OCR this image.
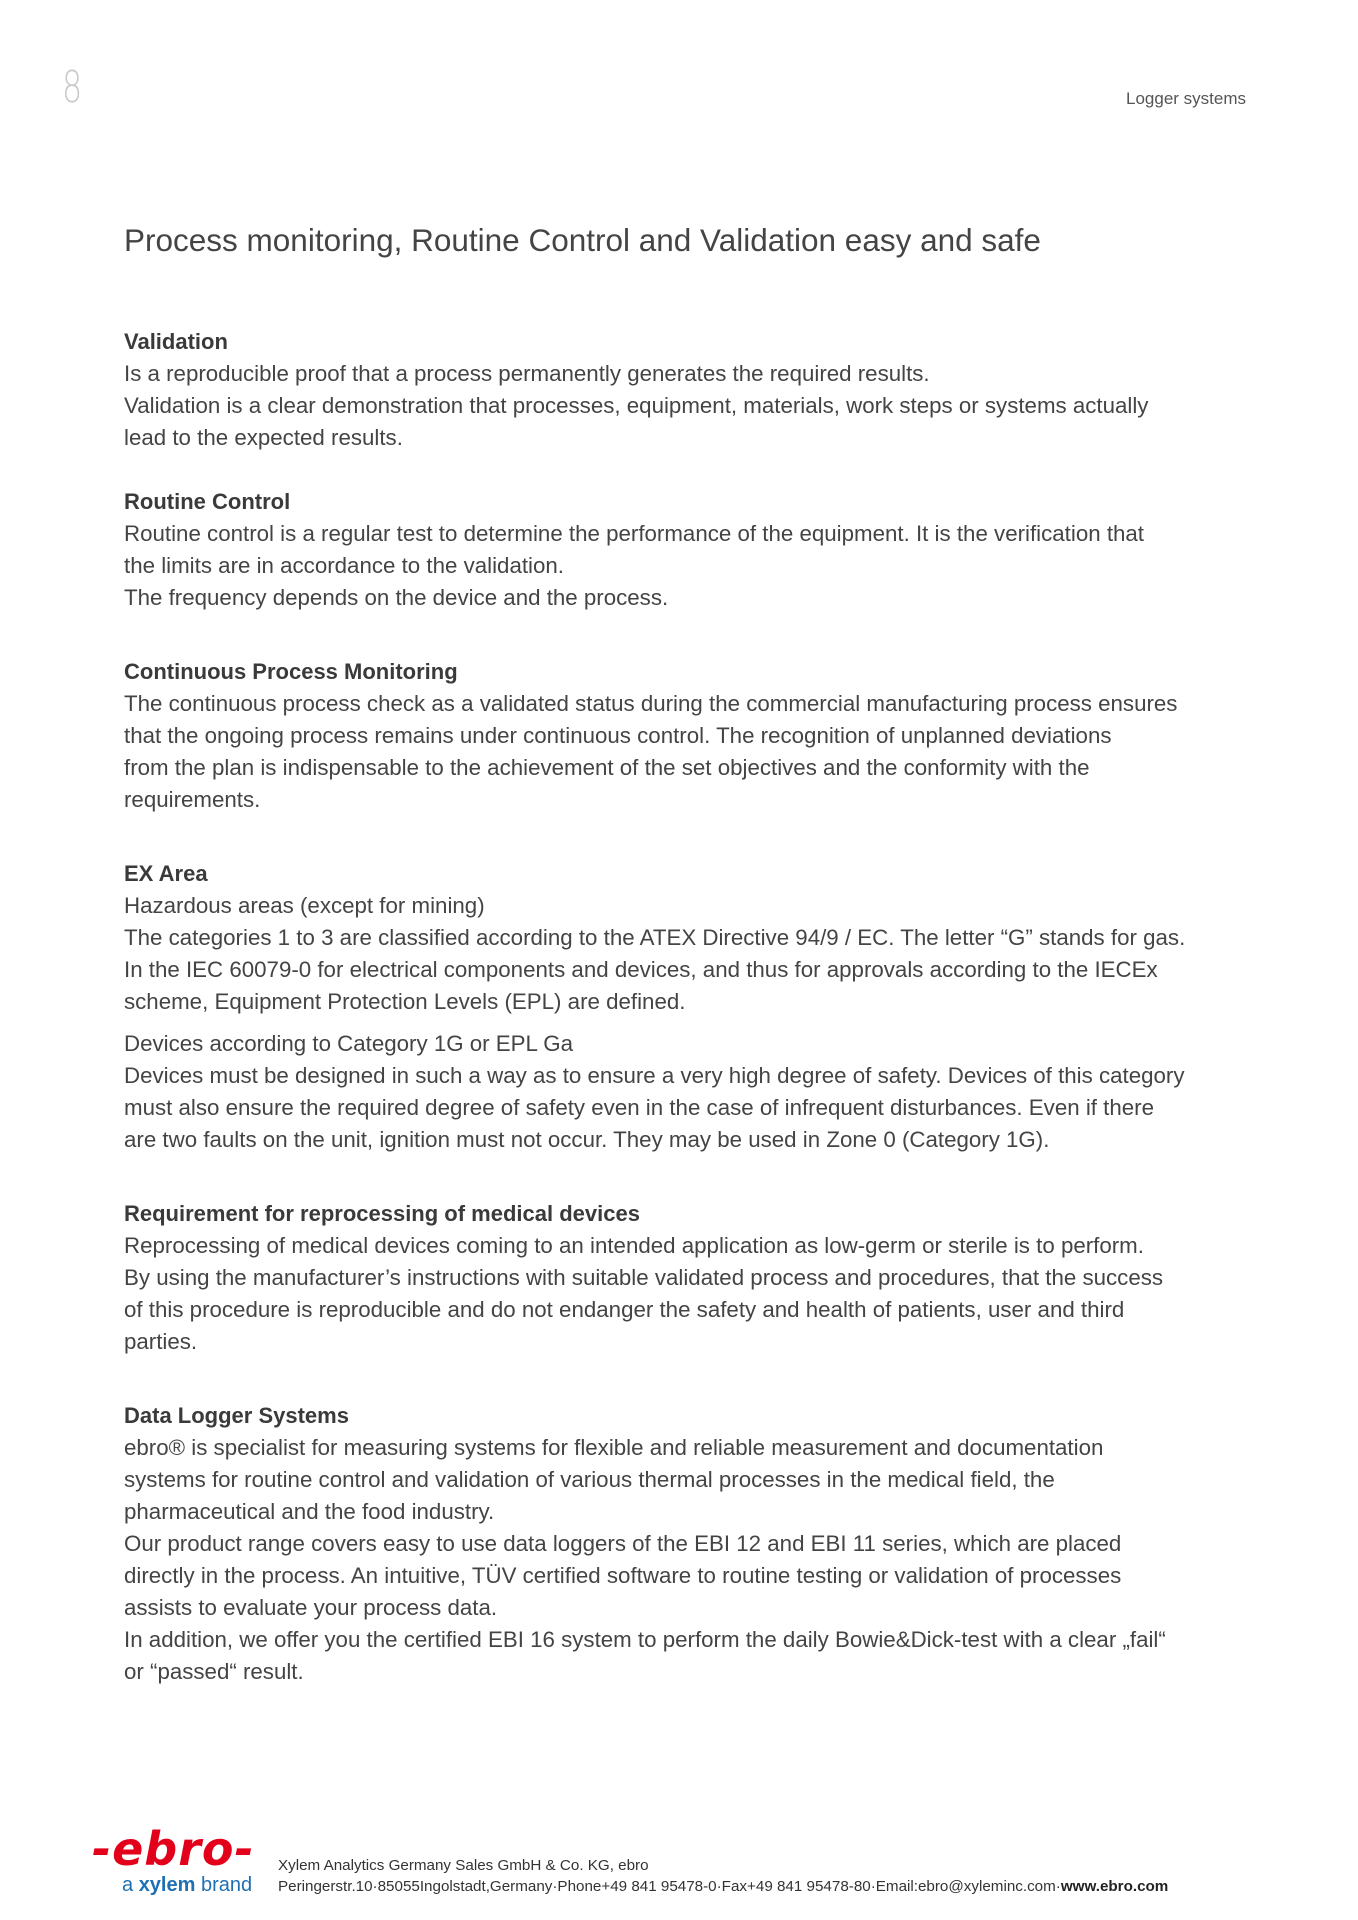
8	Logger systems
Process monitoring, Routine Control and Validation easy and safe
Validation

Is a reproducible proof that a process permanently generates the required results.

Validation is a clear demonstration that processes, equipment, materials, work steps or systems actually

lead to the expected results.

Routine Control

Routine control is a regular test to determine the performance of the equipment. It is the verification that

the limits are in accordance to the validation.

The frequency depends on the device and the process.

Continuous Process Monitoring

The continuous process check as a validated status during the commercial manufacturing process ensures

that the ongoing process remains under continuous control. The recognition of unplanned deviations

from the plan is indispensable to the achievement of the set objectives and the conformity with the

requirements.

EX Area

Hazardous areas (except for mining)

The categories 1 to 3 are classified according to the ATEX Directive 94/9 / EC. The letter “G” stands for gas.

In the IEC 60079-0 for electrical components and devices, and thus for approvals according to the IECEx

scheme, Equipment Protection Levels (EPL) are defined.

Devices according to Category 1G or EPL Ga

Devices must be designed in such a way as to ensure a very high degree of safety. Devices of this category

must also ensure the required degree of safety even in the case of infrequent disturbances. Even if there

are two faults on the unit, ignition must not occur. They may be used in Zone 0 (Category 1G).

Requirement for reprocessing of medical devices

Reprocessing of medical devices coming to an intended application as low-germ or sterile is to perform.

By using the manufacturer’s instructions with suitable validated process and procedures, that the success

of this procedure is reproducible and do not endanger the safety and health of patients, user and third

parties.

Data Logger Systems

ebro® is specialist for measuring systems for flexible and reliable measurement and documentation

systems for routine control and validation of various thermal processes in the medical field, the

pharmaceutical and the food industry.

Our product range covers easy to use data loggers of the EBI 12 and EBI 11 series, which are placed

directly in the process. An intuitive, TÜV certified software to routine testing or validation of processes

assists to evaluate your process data.

In addition, we offer you the certified EBI 16 system to perform the daily Bowie&Dick-test with a clear „fail“

or “passed“ result.

-ebro-
a xylem brand
Xylem Analytics Germany Sales GmbH & Co. KG, ebro
Peringerstr.10·85055Ingolstadt,Germany·Phone+49 841 95478-0·Fax+49 841 95478-80·Email:ebro@xyleminc.com·www.ebro.com
